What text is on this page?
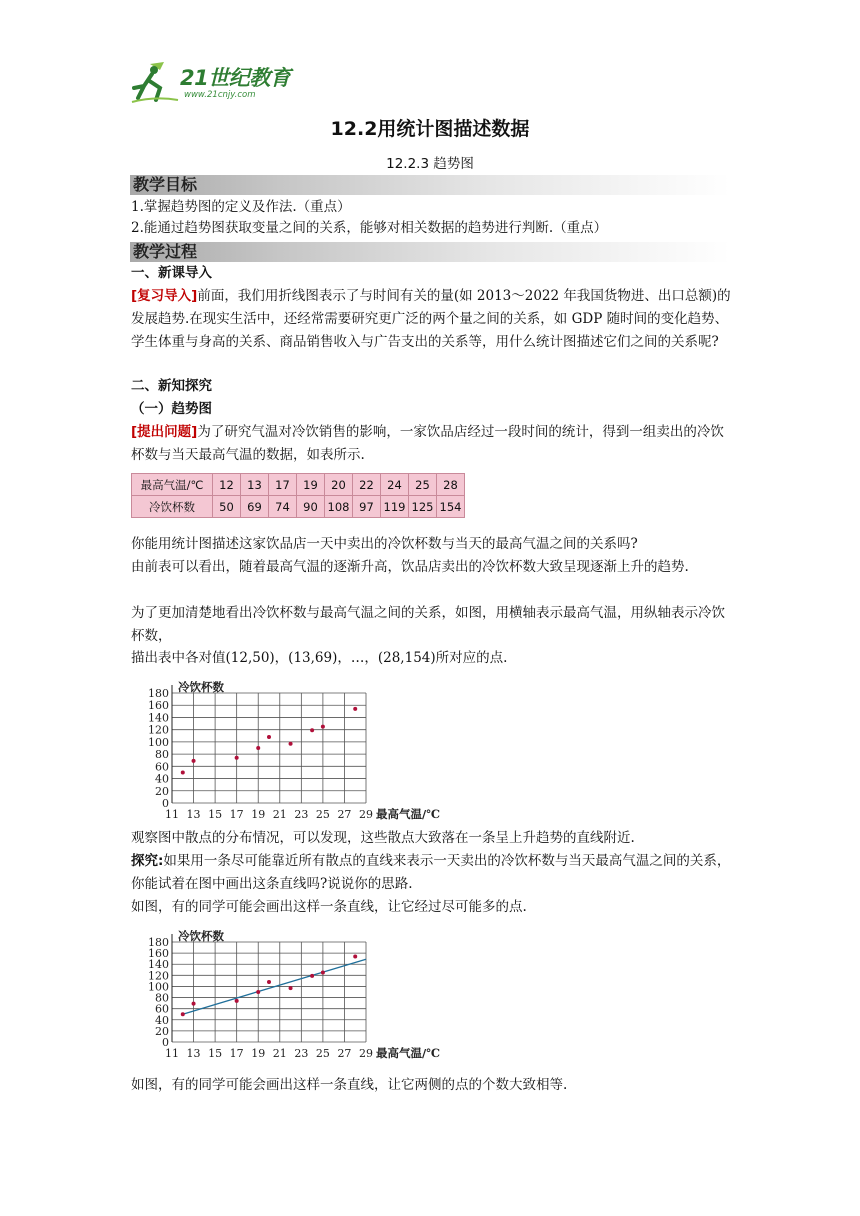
21世纪教育
www.21cnjy.com
12.2用统计图描述数据
12.2.3 趋势图
教学目标
1.掌握趋势图的定义及作法.（重点）
2.能通过趋势图获取变量之间的关系，能够对相关数据的趋势进行判断.（重点）
教学过程
一、新课导入
[复习导入]前面，我们用折线图表示了与时间有关的量(如 2013～2022 年我国货物进、出口总额)的发展趋势.在现实生活中，还经常需要研究更广泛的两个量之间的关系，如 GDP 随时间的变化趋势、学生体重与身高的关系、商品销售收入与广告支出的关系等，用什么统计图描述它们之间的关系呢?
二、新知探究
（一）趋势图
[提出问题]为了研究气温对冷饮销售的影响，一家饮品店经过一段时间的统计，得到一组卖出的冷饮杯数与当天最高气温的数据，如表所示.
最高气温/℃	12	13	17	19	20	22	24	25	28
冷饮杯数	50	69	74	90	108	97	119	125	154
你能用统计图描述这家饮品店一天中卖出的冷饮杯数与当天的最高气温之间的关系吗?
由前表可以看出，随着最高气温的逐渐升高，饮品店卖出的冷饮杯数大致呈现逐渐上升的趋势.
为了更加清楚地看出冷饮杯数与最高气温之间的关系，如图，用横轴表示最高气温，用纵轴表示冷饮杯数，
描出表中各对值(12,50)，(13,69)，…，(28,154)所对应的点.
冷饮杯数
0
20
40
60
80
100
120
140
160
180
11 13 15 17 19 21 23 25 27 29 最高气温/℃
观察图中散点的分布情况，可以发现，这些散点大致落在一条呈上升趋势的直线附近.
探究:如果用一条尽可能靠近所有散点的直线来表示一天卖出的冷饮杯数与当天最高气温之间的关系，你能试着在图中画出这条直线吗?说说你的思路.
如图，有的同学可能会画出这样一条直线，让它经过尽可能多的点.
冷饮杯数
0
20
40
60
80
100
120
140
160
180
11 13 15 17 19 21 23 25 27 29 最高气温/℃
如图，有的同学可能会画出这样一条直线，让它两侧的点的个数大致相等.
